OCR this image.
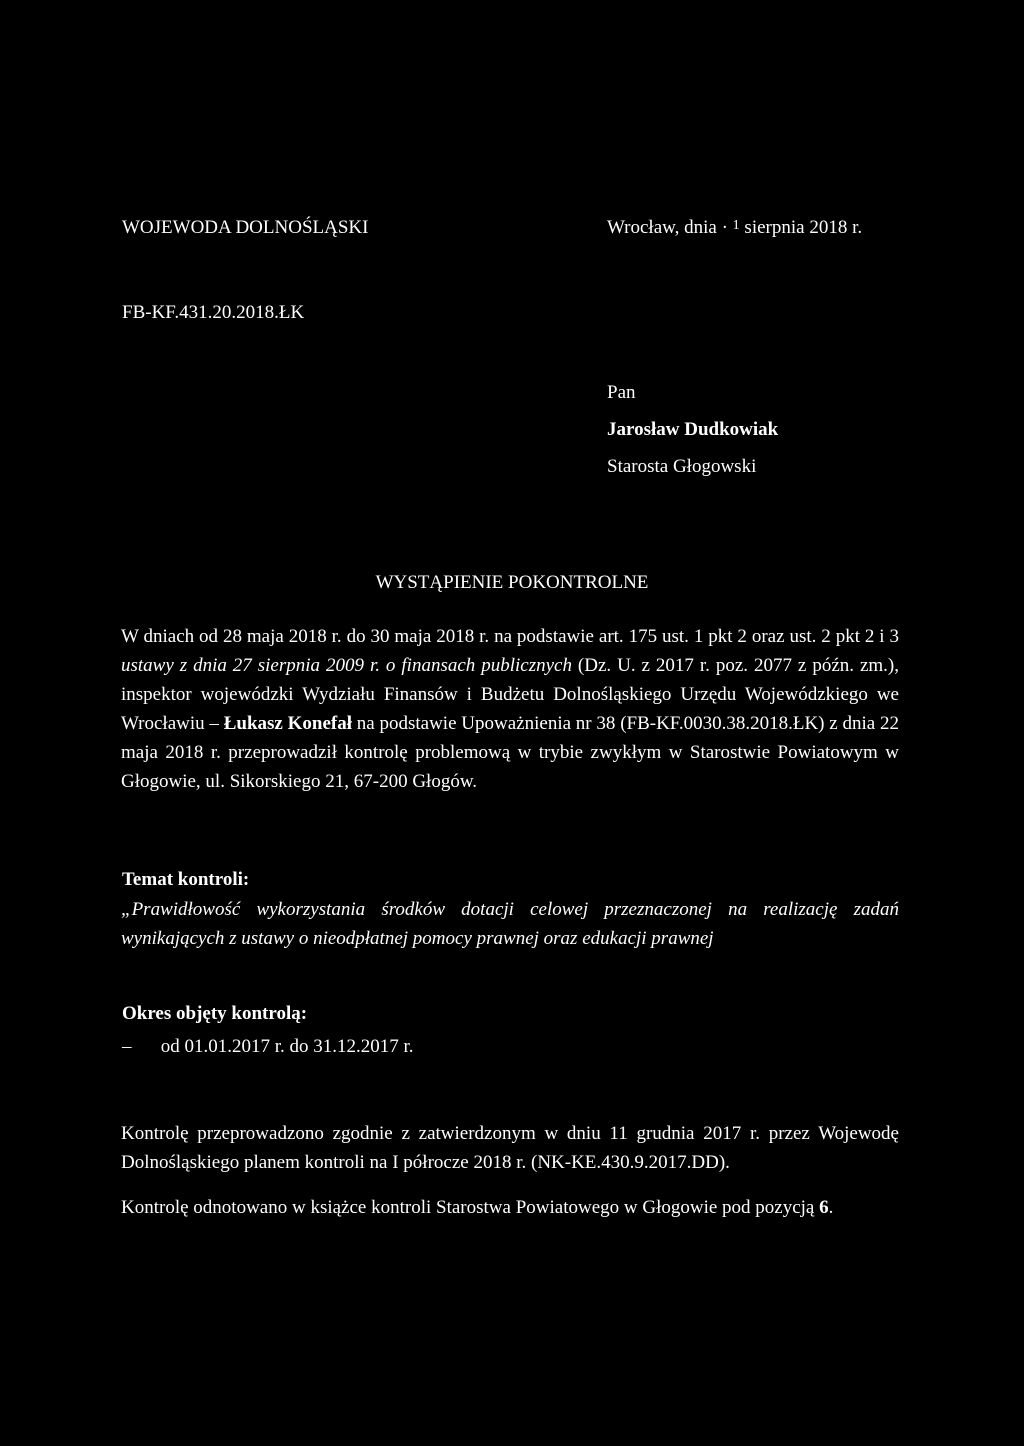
WOJEWODA DOLNOŚLĄSKI	Wrocław, dnia · $^1$ sierpnia 2018 r.
FB-KF.431.20.2018.ŁK
Pan
Jarosław Dudkowiak
Starosta Głogowski
WYSTĄPIENIE POKONTROLNE

W dniach od 28 maja 2018 r. do 30 maja 2018 r. na podstawie art. 175 ust. 1 pkt 2 oraz ust. 2 pkt 2 i 3 ustawy z dnia 27 sierpnia 2009 r. o finansach publicznych (Dz. U. z 2017 r. poz. 2077 z późn. zm.), inspektor wojewódzki Wydziału Finansów i Budżetu Dolnośląskiego Urzędu Wojewódzkiego we Wrocławiu – Łukasz Konefał na podstawie Upoważnienia nr 38 (FB-KF.0030.38.2018.ŁK) z dnia 22 maja 2018 r. przeprowadził kontrolę problemową w trybie zwykłym w Starostwie Powiatowym w Głogowie, ul. Sikorskiego 21, 67-200 Głogów.

Temat kontroli:

„Prawidłowość wykorzystania środków dotacji celowej przeznaczonej na realizację zadań wynikających z ustawy o nieodpłatnej pomocy prawnej oraz edukacji prawnej

Okres objęty kontrolą:
– od 01.01.2017 r. do 31.12.2017 r.

Kontrolę przeprowadzono zgodnie z zatwierdzonym w dniu 11 grudnia 2017 r. przez Wojewodę Dolnośląskiego planem kontroli na I półrocze 2018 r. (NK-KE.430.9.2017.DD).

Kontrolę odnotowano w książce kontroli Starostwa Powiatowego w Głogowie pod pozycją 6.
